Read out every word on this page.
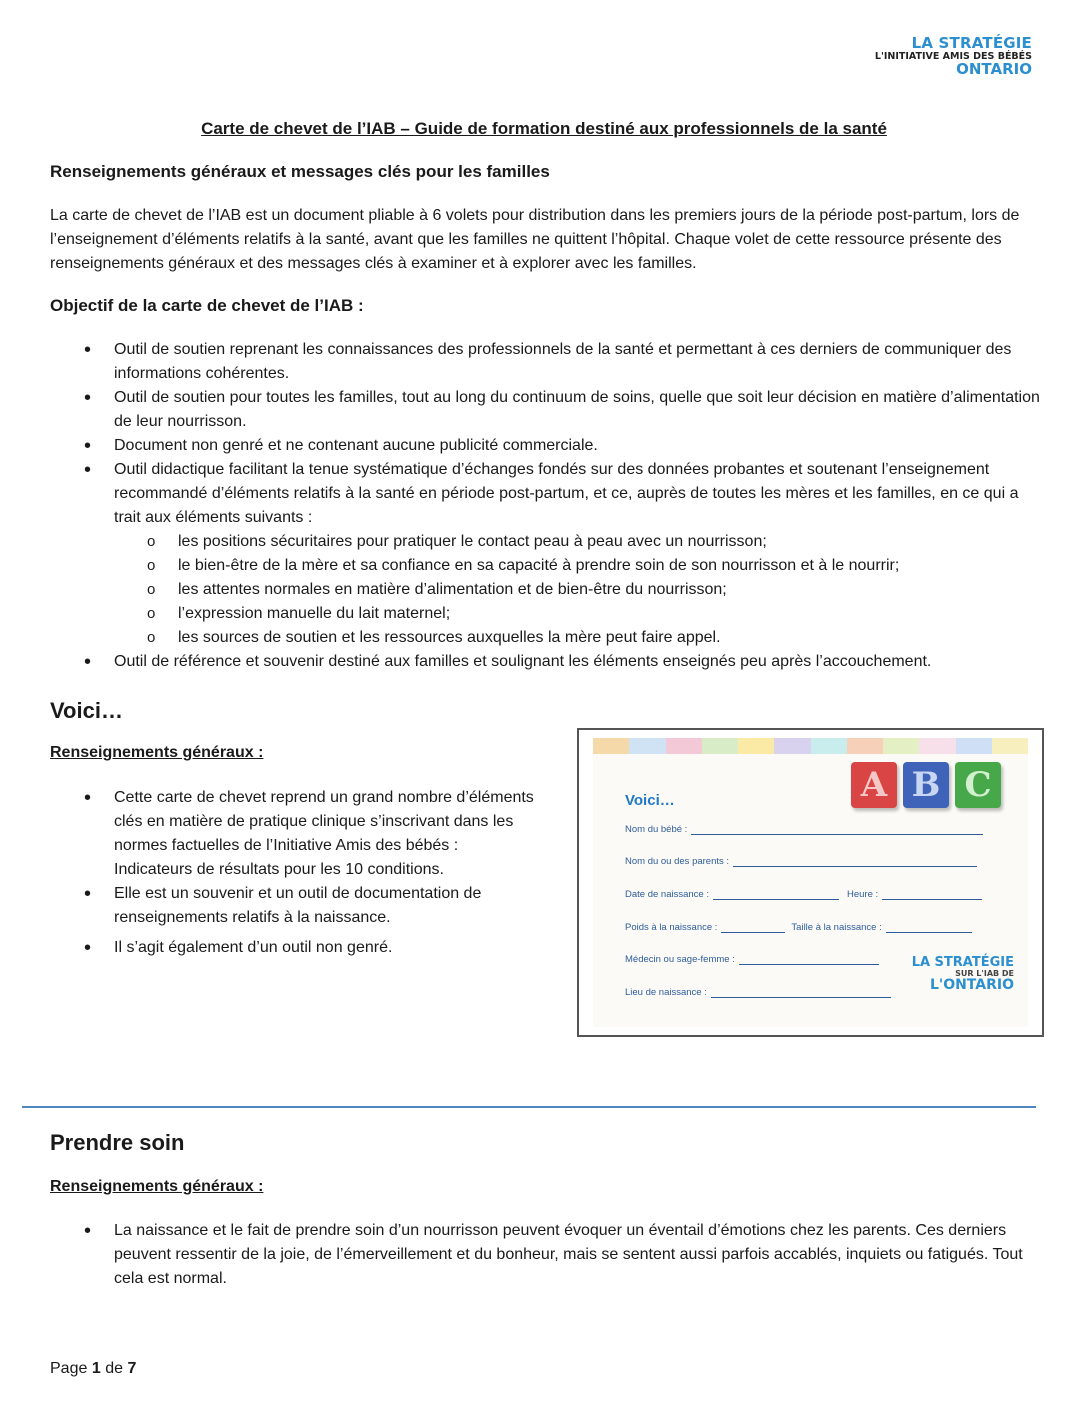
LA STRATÉGIE
L'INITIATIVE AMIS DES BÉBÉS
ONTARIO
Carte de chevet de l’IAB – Guide de formation destiné aux professionnels de la santé
Renseignements généraux et messages clés pour les familles
La carte de chevet de l’IAB est un document pliable à 6 volets pour distribution dans les premiers jours de la période post-partum, lors de l’enseignement d’éléments relatifs à la santé, avant que les familles ne quittent l’hôpital. Chaque volet de cette ressource présente des renseignements généraux et des messages clés à examiner et à explorer avec les familles.
Objectif de la carte de chevet de l’IAB :
• Outil de soutien reprenant les connaissances des professionnels de la santé et permettant à ces derniers de communiquer des informations cohérentes.
• Outil de soutien pour toutes les familles, tout au long du continuum de soins, quelle que soit leur décision en matière d’alimentation de leur nourrisson.
• Document non genré et ne contenant aucune publicité commerciale.
• Outil didactique facilitant la tenue systématique d’échanges fondés sur des données probantes et soutenant l’enseignement recommandé d’éléments relatifs à la santé en période post-partum, et ce, auprès de toutes les mères et les familles, en ce qui a trait aux éléments suivants :
o les positions sécuritaires pour pratiquer le contact peau à peau avec un nourrisson;
o le bien-être de la mère et sa confiance en sa capacité à prendre soin de son nourrisson et à le nourrir;
o les attentes normales en matière d’alimentation et de bien-être du nourrisson;
o l’expression manuelle du lait maternel;
o les sources de soutien et les ressources auxquelles la mère peut faire appel.
• Outil de référence et souvenir destiné aux familles et soulignant les éléments enseignés peu après l’accouchement.
Voici…
Renseignements généraux :
• Cette carte de chevet reprend un grand nombre d’éléments clés en matière de pratique clinique s’inscrivant dans les normes factuelles de l’Initiative Amis des bébés : Indicateurs de résultats pour les 10 conditions.
• Elle est un souvenir et un outil de documentation de renseignements relatifs à la naissance.
• Il s’agit également d’un outil non genré.
Voici…	A B C
Nom du bébé :
Nom du ou des parents :
Date de naissance :	Heure :
Poids à la naissance :	Taille à la naissance :
Médecin ou sage-femme :
Lieu de naissance :
LA STRATÉGIE
SUR L'IAB DE
L'ONTARIO
Prendre soin
Renseignements généraux :
• La naissance et le fait de prendre soin d’un nourrisson peuvent évoquer un éventail d’émotions chez les parents. Ces derniers peuvent ressentir de la joie, de l’émerveillement et du bonheur, mais se sentent aussi parfois accablés, inquiets ou fatigués. Tout cela est normal.
Page 1 de 7
